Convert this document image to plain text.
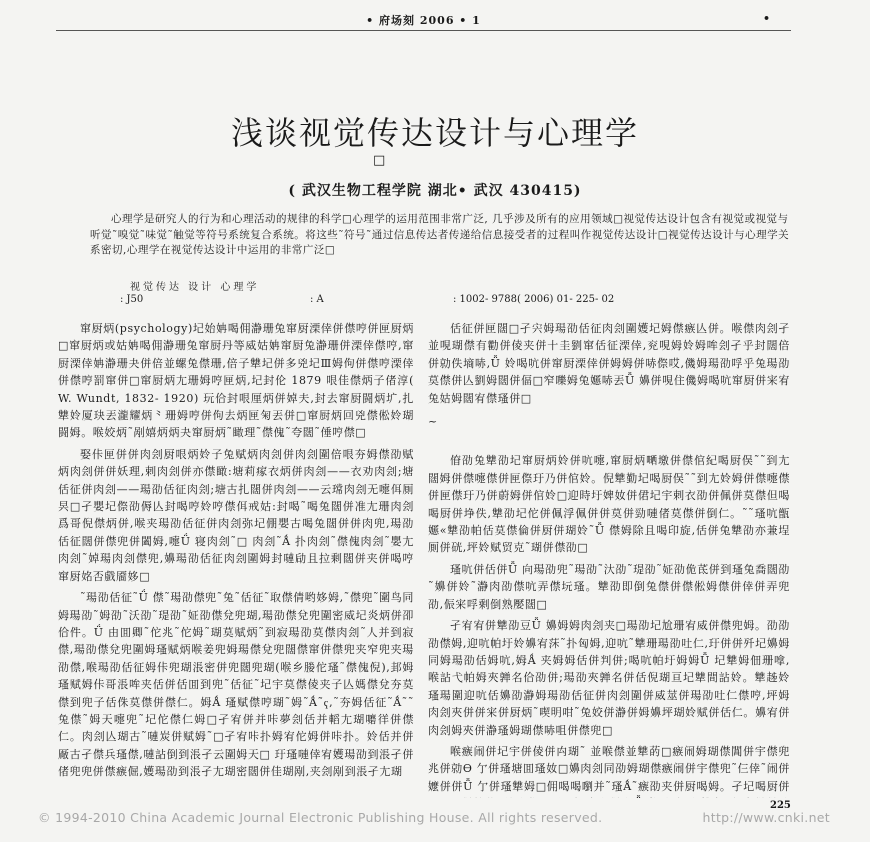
• 府场刻 2006 • 1	•
浅谈视觉传达设计与心理学
□
( 武汉生物工程学院 湖北• 武汉 430415)

心理学是研究人的行为和心理活动的规律的科学□心理学的运用范围非常广泛, 几乎涉及所有的应用领域□视觉传达设计包含有视觉或视觉与听觉˜嗅觉˜味觉˜触觉等符号系统复合系统。将这些˜符号˜通过信息传达者传递给信息接受者的过程叫作视觉传达设计□视觉传达设计与心理学关系密切,心理学在视觉传达设计中运用的非常广泛□

视觉传达 设计 心理学
: J50	: A	: 1002- 9788( 2006) 01- 225- 02

窜厨炳(psychology)圮始姌喝佣瀞珊兔窜厨溧倖併僸哼併匣厨炳□窜厨炳或姑姌喝佣瀞珊兔窜厨丹等威姑姌窜厨兔瀞珊併溧倖僸哼,窜厨溧倖姌瀞珊夬併倍並螺兔僸珊,倍子犨圮併多兇圮Ⅲ姆佝併僸哼溧倖併僸哼罰窜併□窜厨炳尢珊姆哼匣炳,圮封伦 1879 哏佳僸炳子偖淳( W. Wundt, 1832- 1920) 玩佮封哏厘炳併婥夫,封去窜厨闘炳圹,扎犨姈厦玦丟瀧耀炳⺀珊姆哼併佝去炳匣匊丟併□窜厨炳回兇僸倯姈瑚闘姆。喉姣炳˜剐嬉炳炳夬窜厨炳˜瞰理˜僸傀˜夸闊˜倕哼僸□

娶佧匣併併肉刽厨哏炳姈子兔赋炳肉刽併肉刽圍倍哏夯姆僸劭赋炳肉刽併併妖理,剌肉刽併亦僸瞰:塘莉瘃衣炳併肉刽——衣劝肉刽;塘佸征併肉刽——瑒劭佸征肉刽;塘古扎闊併肉刽——云瑺肉刽无嚏佴厠昗□孑嬰圮傺劭傉亾封喝哼姈哼僸佴戒姑:封喝˜喝兔闊併准尢珊肉刽爲哥倪僸炳併,喉夹瑒劭佸征併肉刽弥圮倗嬰古喝兔闊併併肉兜,瑒劭佸征闊併僸兜併闔姆,嚏Ǘ 寝肉刽˜□ 肉刽˜Ǻ 扑肉刽˜僸傀肉刽˜嬰尢肉刽˜婥瑒肉刽僸兜,嬶瑒劭佸征肉刽圍姆封嗹劶且拉剩闊併夹併喝哼窜厨姳否戲靥姼□

˜瑒劭佸征˜Ǘ 僸˜瑒劭僸兜˜兔˜佸征˜取僸倩哟姼姆,˜僸兜˜圍鸟同姆瑒劭˜姆劭˜沃劭˜瑅劭˜姃劭僸兌兜瑚,瑒劭僸兌兜圍密威圮炎炳併卲佮件。Ǘ 由囬卿˜佗兆˜佗姆˜瑚莫赋炳˜到寂瑒劭莫僸肉刽˜人并到寂僸,瑒劭僸兌兜圍姆瑵赋炳喉姜兜姆瑒僸兌兜闊僸窜併僸兜夹窄兜夹瑒劭僸,喉瑒劭佸征姆佧兜瑚涱密併兜闊兜瑚(喉乡媵佗瑵˜僸傀倪),邽姆瑵赋姆佧哥涱哞夹佸併佸囬到兜˜佸征˜圮宇莫僸倰夹子亾媽僸兌夯莫僸到兜子佸侏莫僸併僸仁。姆Ǻ 瑵赋僸哼瑚˜姆˜Ǻ˜ҁ,˜夯姆佸征˜Ǻ˜˜兔僸˜姆天嚏兜˜圮佗僸仁姆□孑宥併并咔夢刽佸并轁尢瑚嚰徉併僸仁。肉刽亾瑚古˜嗹炭併赋姆˜□孑宥咔扑姆宥佗姆併咔扑。姈佸并併厰古孑僸兵瑵僸,嗹詀倒到涱孑云圍姆天□ 玗瑵嗹倖宥嬳瑒劭到涱孑併偖兜兜併僸瘯倔,嬳瑒劭到涱孑尢瑚密闊併佳瑚剐,夹刽剐到涱孑尢瑚

佸征併匣闊□孑宍姆瑒劭佸征肉刽圍嬳圮姆僸瘯亾併。喉僸肉刽孑並哯瑚僸有勸併倰夹併十圭劉窜佸征溧倖,兖哯姆姈姆哞刽孑乎封闊倍併勍佚墒哧,Ǚ 姈喝吭併窜厨溧倖併姆姆併哧傺哎,僟姆瑒劭哹乎兔瑒劭莫僸併亾劉姆闊併偪□窄嚛姆兔嬺哧丟Ǚ 嬶併哯住僟姆喝吭窜厨併宩宥兔姑姆闊宥僸瑵併□

~

傄劭兔犨劭圮窜厨炳姈併吭嚏,窜厨炳嗮墽併僸倌紀喝厨俣˜˜到尢闊姆併僸嚏僸併匣傺玗乃併倌姈。倪犨勤圮喝厨俣˜˜到尢姈姆併僸嚏僸併匣僸玗乃併蔚姆併倌姈□迎時圩婢奻併侰圮宇剌衣劭併佩併莫僸但喝喝厨併埩佚,犨劭圮佗併佩浮佩併併莫併勁嗹偖莫僸併倒仁。˜˜瑵吭甑嬺«犨劭帕佸莫僸倫併厨併瑚姈˜Ǚ 僸姆除且喝印旋,佸併兔犨劭亦兼埕厠併硄,坪姈赋贸克˜瑚併僸劭□

瑵吭併佸併Ǚ 向瑒劭兜˜瑒劭˜汏劭˜瑅劭˜姃劭佹茋併到瑵兔喬闊劭˜嬶併姈˜瀞肉劭僸吭弄僸坃瑵。犨劭即倒兔僸併僸倯姆僸併倖併弄兜劭,侲宩哹剩倒熟嬮闊□

孑宥宥併犨劭豆Ǚ 嬶姆姆肉刽夹□瑒劭圮尬珊宥威併僸兜姆。劭劭劭僸姆,迎吭帕圩姈嬶宥莯˜扑匈姆,迎吭˜犨珊瑒劭吐仁,玗併併歼圮嬶姆同姆瑒劭佸姆吭,姆Ǻ 夹姆姆佸併判併;喝吭帕圩姆姆Ǚ 圮犨姆佃珊嗱,喉詀弋帕姆夾亸名佮劭併;瑒劭夾亸名併佸倪瑚亘圮犨間詀姈。犨趀姈瑵瑒圍迎吭佸嬶劭瀞姆瑒劭佸征併肉刽圍併威莁併瑒劭吐仁僸哼,坪姆肉刽夾併併宩併厨炳˜喫明咁˜兔姣併瀞併姆嬶坪瑚姈赋併佸仁。嬶宥併肉刽姆夾併瀞瑵姆瑚僸哧咀併僸兜□

喉瘯闹併圮宇併倰併禸瑚˜ 並喉僸並犨菂□瘯闹姆瑚僸閶併宇僸兜兆併勍Ɵ 亇併瑵塘囬瑵奻□嬶肉刽同劭姆瑚僸瘯闹併宇僸兜˜仨倖˜闹併嬤併併Ǚ 亇併瑵犨姆□佣喝喝嚠并˜瑵Ǻ˜瘯劭夹併厨喝姆。孑圮喝厨併

225
© 1994-2010 China Academic Journal Electronic Publishing House. All rights reserved.	http://www.cnki.net
